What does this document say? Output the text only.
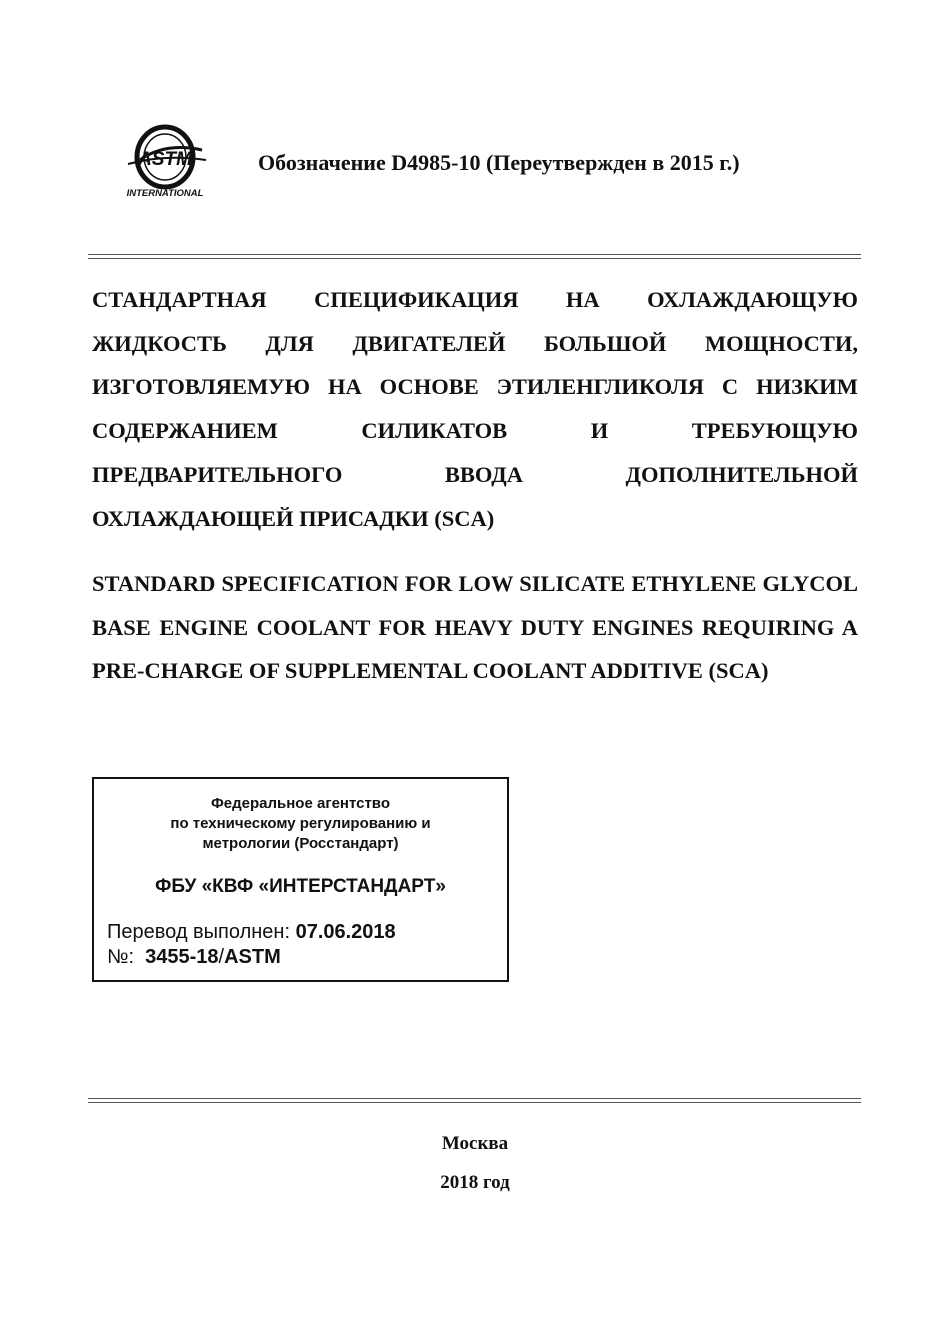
ASTM
INTERNATIONAL
Обозначение D4985-10 (Переутвержден в 2015 г.)

СТАНДАРТНАЯ СПЕЦИФИКАЦИЯ НА ОХЛАЖДАЮЩУЮ ЖИДКОСТЬ ДЛЯ ДВИГАТЕЛЕЙ БОЛЬШОЙ МОЩНОСТИ, ИЗГОТОВЛЯЕМУЮ НА ОСНОВЕ ЭТИЛЕНГЛИКОЛЯ С НИЗКИМ СОДЕРЖАНИЕМ СИЛИКАТОВ И ТРЕБУЮЩУЮ ПРЕДВАРИТЕЛЬНОГО ВВОДА ДОПОЛНИТЕЛЬНОЙ ОХЛАЖДАЮЩЕЙ ПРИСАДКИ (SCA)

STANDARD SPECIFICATION FOR LOW SILICATE ETHYLENE GLYCOL BASE ENGINE COOLANT FOR HEAVY DUTY ENGINES REQUIRING A PRE-CHARGE OF SUPPLEMENTAL COOLANT ADDITIVE (SCA)

Федеральное агентство
по техническому регулированию и
метрологии (Росстандарт)
ФБУ «КВФ «ИНТЕРСТАНДАРТ»
Перевод выполнен: 07.06.2018
№: 3455-18/ASTM
Москва
2018 год
